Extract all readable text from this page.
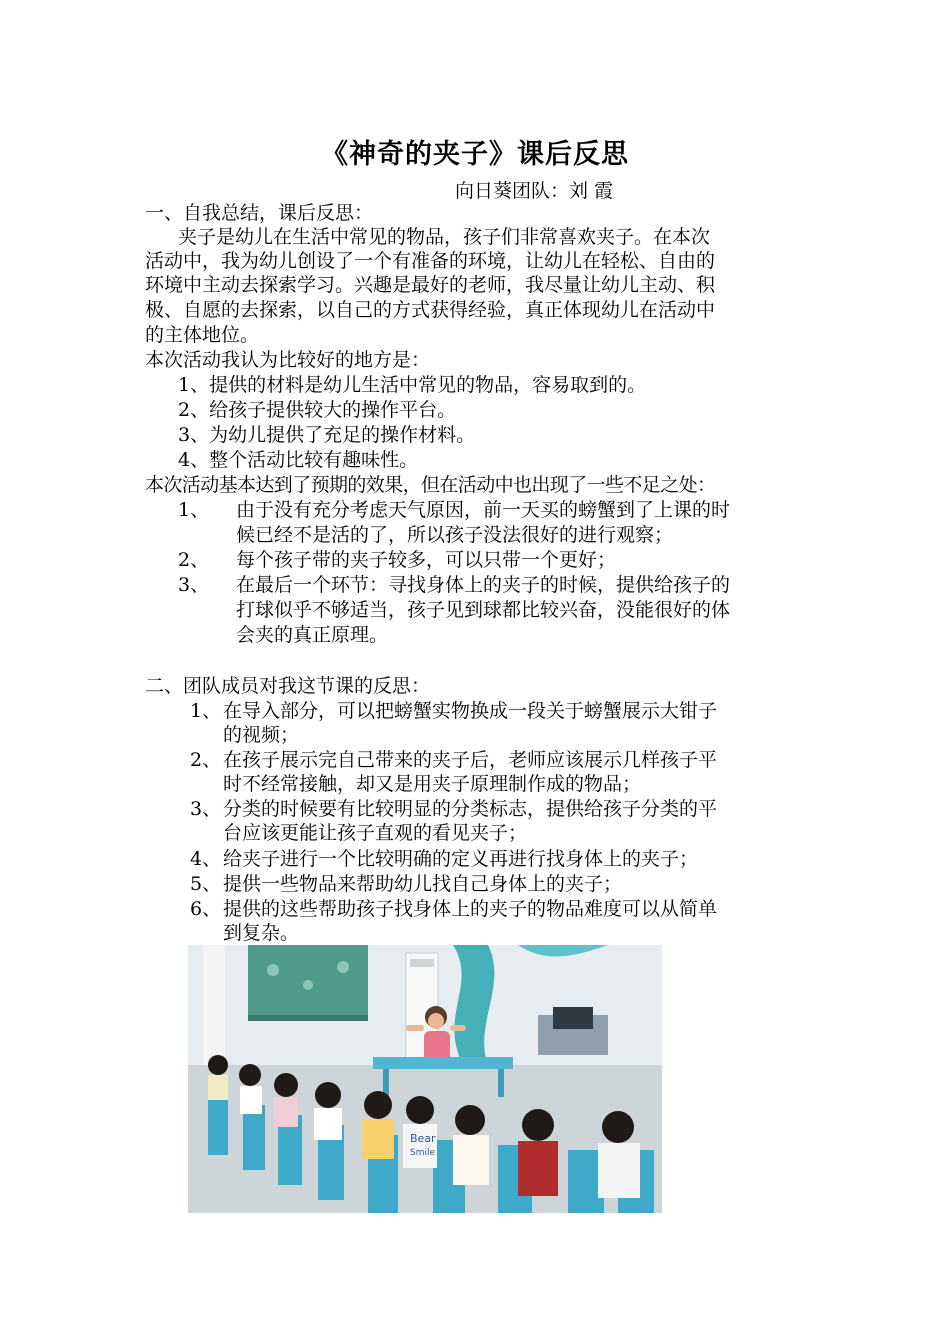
《神奇的夹子》课后反思
向日葵团队：刘 霞
一、自我总结，课后反思：
夹子是幼儿在生活中常见的物品，孩子们非常喜欢夹子。在本次
活动中，我为幼儿创设了一个有准备的环境，让幼儿在轻松、自由的
环境中主动去探索学习。兴趣是最好的老师，我尽量让幼儿主动、积
极、自愿的去探索，以自己的方式获得经验，真正体现幼儿在活动中
的主体地位。
本次活动我认为比较好的地方是：
1、提供的材料是幼儿生活中常见的物品，容易取到的。
2、给孩子提供较大的操作平台。
3、为幼儿提供了充足的操作材料。
4、整个活动比较有趣味性。
本次活动基本达到了预期的效果，但在活动中也出现了一些不足之处：
1、 由于没有充分考虑天气原因，前一天买的螃蟹到了上课的时
候已经不是活的了，所以孩子没法很好的进行观察；
2、 每个孩子带的夹子较多，可以只带一个更好；
3、 在最后一个环节：寻找身体上的夹子的时候，提供给孩子的
打球似乎不够适当，孩子见到球都比较兴奋，没能很好的体
会夹的真正原理。
二、团队成员对我这节课的反思：
1、 在导入部分，可以把螃蟹实物换成一段关于螃蟹展示大钳子
的视频；
2、 在孩子展示完自己带来的夹子后，老师应该展示几样孩子平
时不经常接触，却又是用夹子原理制作成的物品；
3、 分类的时候要有比较明显的分类标志，提供给孩子分类的平
台应该更能让孩子直观的看见夹子；
4、 给夹子进行一个比较明确的定义再进行找身体上的夹子；
5、 提供一些物品来帮助幼儿找自己身体上的夹子；
6、 提供的这些帮助孩子找身体上的夹子的物品难度可以从简单
到复杂。
Bear
Smile
